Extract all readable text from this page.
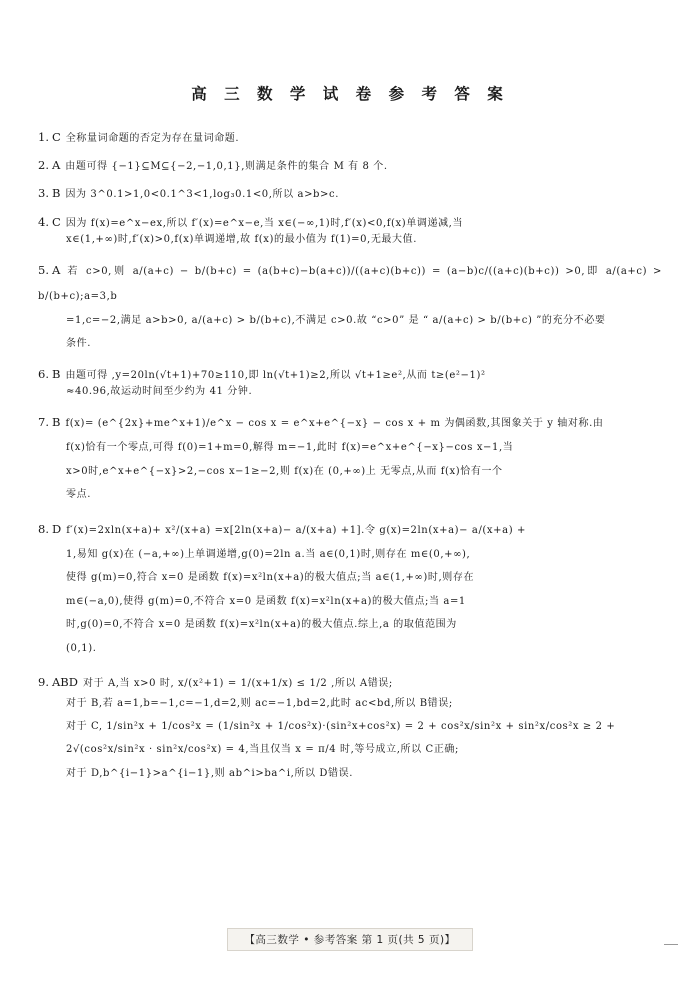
高 三 数 学 试 卷 参 考 答 案
1. C 全称量词命题的否定为存在量词命题.
2. A 由题可得 {−1}⊆M⊆{−2,−1,0,1},则满足条件的集合 M 有 8 个.
3. B 因为 3^0.1>1,0<0.1^3<1,log₃0.1<0,所以 a>b>c.
4. C 因为 f(x)=e^x−ex,所以 f′(x)=e^x−e,当 x∈(−∞,1)时,f′(x)<0,f(x)单调递减,当
x∈(1,+∞)时,f′(x)>0,f(x)单调递增,故 f(x)的最小值为 f(1)=0,无最大值.
5. A 若 c>0,则 a/(a+c) − b/(b+c) = (a(b+c)−b(a+c))/((a+c)(b+c)) = (a−b)c/((a+c)(b+c)) >0,即 a/(a+c) > b/(b+c);a=3,b
=1,c=−2,满足 a>b>0, a/(a+c) > b/(b+c),不满足 c>0.故 “c>0” 是 “ a/(a+c) > b/(b+c) ”的充分不必要
条件.
6. B 由题可得 ,y=20ln(√t+1)+70≥110,即 ln(√t+1)≥2,所以 √t+1≥e²,从而 t≥(e²−1)²
≈40.96,故运动时间至少约为 41 分钟.
7. B f(x)= (e^{2x}+me^x+1)/e^x − cos x = e^x+e^{−x} − cos x + m 为偶函数,其图象关于 y 轴对称.由
f(x)恰有一个零点,可得 f(0)=1+m=0,解得 m=−1,此时 f(x)=e^x+e^{−x}−cos x−1,当
x>0时,e^x+e^{−x}>2,−cos x−1≥−2,则 f(x)在 (0,+∞)上 无零点,从而 f(x)恰有一个
零点.
8. D f′(x)=2xln(x+a)+ x²/(x+a) =x[2ln(x+a)− a/(x+a) +1].令 g(x)=2ln(x+a)− a/(x+a) +
1,易知 g(x)在 (−a,+∞)上单调递增,g(0)=2ln a.当 a∈(0,1)时,则存在 m∈(0,+∞),
使得 g(m)=0,符合 x=0 是函数 f(x)=x²ln(x+a)的极大值点;当 a∈(1,+∞)时,则存在
m∈(−a,0),使得 g(m)=0,不符合 x=0 是函数 f(x)=x²ln(x+a)的极大值点;当 a=1
时,g(0)=0,不符合 x=0 是函数 f(x)=x²ln(x+a)的极大值点.综上,a 的取值范围为
(0,1).
9. ABD 对于 A,当 x>0 时, x/(x²+1) = 1/(x+1/x) ≤ 1/2 ,所以 A错误;
对于 B,若 a=1,b=−1,c=−1,d=2,则 ac=−1,bd=2,此时 ac<bd,所以 B错误;
对于 C, 1/sin²x + 1/cos²x = (1/sin²x + 1/cos²x)·(sin²x+cos²x) = 2 + cos²x/sin²x + sin²x/cos²x ≥ 2 +
2√(cos²x/sin²x · sin²x/cos²x) = 4,当且仅当 x = π/4 时,等号成立,所以 C正确;
对于 D,b^{i−1}>a^{i−1},则 ab^i>ba^i,所以 D错误.
【高三数学 • 参考答案 第 1 页(共 5 页)】
